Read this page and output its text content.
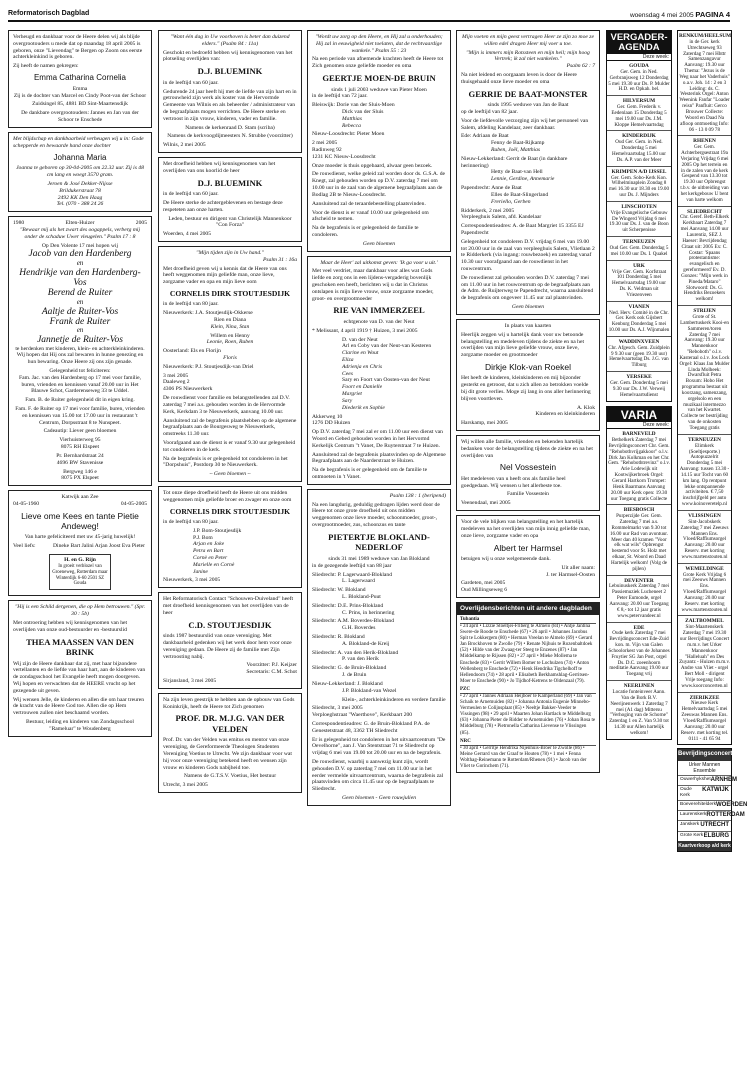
Reformatorisch Dagblad	woensdag 4 mei 2005 PAGINA 4
Verheugd en dankbaar voor de Heere delen wij als blijde overgrootouders u mede dat op maandag 18 april 2005 is geboren, onze "Lievendag" te Bergen op Zoom ons eerste achterkleinkind is geboren.
Zij heeft de namen gekregen:
Emma Catharina Cornelia
Emma
Zij is de dochter van Marcel en Cindy Poot-van der Schoor
Zuidsingel 85, 4881 BD Sint-Maartensdijk
De dankbare overgrootouders: Jannes en Jan van der Schoor te Enschede
Met blijdschap en dankbaarheid verheugen wij u in: Gode schepperde en bewaarde hand onze dochter
Johanna Maria
Joanna te geboren op 30-04-2005 om 22.32 uur. Zij is 48 cm lang en woegt 3570 gram.
Jeroen & José Dekker-Nijsse
Brildukerstraat 78
2492 KK Den Haag
Tel. (070 - 388 24 26
1980	Elten-Huizer	2005
"Bewaar mij als het zwart des oogappels, verberg mij onder de schaduw Uwer vleugelen." Psalm 17 : 8
Op Den Volente 17 mei hopen wij
Jacob van den Hardenberg
en
Hendrikje van den Hardenberg-Vos
Berend de Ruiter
en
Aaltje de Ruiter-Vos
Frank de Ruiter
en
Jannetje de Ruiter-Vos
te herdenken met kinderen, klein- en achterkleinkinderen. Wij hopen dat Hij ons zal bewaren in hunne genezing en hun bewaring. Onze Heere zij ons zijn genade.
Gelegenheid tot feliciteren:
Fam. Jac. van den Hardenberg op 17 mei voor familie, buren, vrienden en kennissen vanaf 20.00 uur in Het Blauwe Schot, Garderenseweg 33 te Uddel.
Fam. B. de Ruiter gelegenheid dit in eigen kring.
Fam. F. de Ruiter op 17 mei voor familie, buren, vrienden en kennissen van 15.00 tot 17.00 uur in restaurant 't Centrum, Dorpsstraat 8 te Nunspeet.
Cadeautip: Liever geen bloemen
Vierhuisterweg 95
8075 RH Elspeet
Pr. Bernhardstraat 24
4696 BW Stavenisse
Bergweg 146 e
8075 PX Elspeet
Katwijk aan Zee
04-05-1960	04-05-2005
Lieve ome Kees en tante Pietie Andeweg!
Van harte gefeliciteerd met uw 45-jarig huwelijk!
Veel liefs:	Dineke Bart Jalini Arjan Joost Eva Pieter
H. en G. Rijn
In groeit verblozel van Groeneweg, Rotterdam maar Winterdijk 6-60 2501 SZ Gouda
"Hij is een Schild dergenen, die op Hem betrouwen." (Spr. 30 : 5b)
Met ontroering hebben wij kennisgenomen van het overlijden van onze oud-bestuurder en -bestuurslid
THEA MAASSEN VAN DEN BRINK
Wij zijn de Heere dankbaar dat zij, met haar bijzondere vertellanten en de liefde van haar hart, aan de kinderen van de zondagsschool het Evangelie heeft mogen doorgeven. Wij hopen en verwachten dat de HEERE vrucht op het gezegende uit geven.
Wij wensen Jelle, de kinderen en allen die om haar treuren de kracht van de Heere God toe. Allen die op Hem vertrouwen zullen niet beschaamd worden.
Bestuur, leiding en kinderen van Zondagsschool "Rameluar" te Woudenberg
"Want één dag in Uw voorhoven is beter dan duizend elders." (Psalm 84 : 11a)
Geschokt en bedroefd hebben wij kennisgenomen van het plotseling overlijden van:
D.J. BLUEMINK
in de leeftijd van 60 jaar.
Gedurende 24 jaar heeft hij met de liefde van zijn hart en in getrouwheid zijn werk als koster van de Hervormde Gemeente van Wilnis en als beheerder / administrateur van de begraafplaats mogen verrichten. De Heere sterke en vertroost in zijn vrouw, kinderen, vader en familie.
Namens de kerkenraad D. Stam (scriba)
Namens de kerkvoogdijmeesters N. Strubbe (voorzitter)
Wilnis, 2 mei 2005
Met droefheid hebben wij kennisgenomen van het overlijden van ons koorlid de heer
D.J. BLUEMINK
in de leeftijd van 60 jaar.
De Heere sterke de achtergeblevenen en bestage deze respeteten aan onze harten.
Leden, bestuur en dirigent van Christelijk Mannenkoor "Con Forza"
Woerden, 4 mei 2005
"Mijn tijden zijn in Uw hand."
Psalm 31 : 16a
Met droefheid geven wij u kennis dat de Heere van ons heeft weggenomen mijn geliefde man, onze lieve, zorgzame vader en opa en mijn lieve oom
CORNELIS DIRK STOUTJESDIJK
in de leeftijd van 80 jaar.
Nieuwerkerk: J.A. Stoutjesdijk-Okkerse
Rien en Diana
Klein, Nina, Stan
Willem en Henny
Leonie, Roen, Ruben
Oosterland: Els en Florijn
Floris
Nieuwerkerk: P.J. Stoutjesdijk-van Driel
3 mei 2005
Daaleweg 2
4306 PS Nieuwerkerk
De rouwdienst voor familie en belangstellenden zal D.V. zaterdag 7 mei a.s. gehouden worden in de Hervormde Kerk, Kerkdam 3 te Nieuwerkerk, aanvang 10.00 uur.
Aansluitend zal de begrafenis plaatshebben op de algemene begraafplaats aan de Bourgesweg te Nieuwerkerk, omstreeks 11.30 uur.
Voorafgaand aan de dienst is er vanaf 9.30 uur gelegenheid tot condoleren in de kerk.
Na de begrafenis is er gelegenheid tot condoleren in het "Dorpshuis", Postdorp 30 te Nieuwerkerk.
~ Geen bloemen ~
Tot onze diepe droefheid heeft de Heere uit ons midden weggenomen mijn geliefde broer en zwager en onze oom
CORNELIS DIRK STOUTJESDIJK
in de leeftijd van 80 jaar.
J.P. Bom-Stoutjesdijk
P.J. Bom
Arjan en Joke
Petra en Bart
Cornè en Peter
Marielle en Cornè
Janine
Nieuwerkerk, 3 mei 2005
Het Reformatorisch Contact "Schouwen-Duiveland" heeft met droefheid kennisgenomen van het overlijden van de heer
C.D. STOUTJESDIJK
sinds 1987 bestuurslid van onze vereniging. Met dankbaarheid gedenken wij het werk door hem voor onze vereniging gedaan. De Heere zij de familie met Zijn vertroosting nabij.
Voorzitter: P.J. Keijzer
Secretaris: C.M. Schot
Sirjansland, 3 mei 2005
Na zijn leven geestrijk te hebben aan de opbouw van Gods Koninkrijk, heeft de Heere tot Zich genomen
PROF. DR. M.J.G. VAN DER VELDEN
Prof. Dr. van der Velden was emitus en mentor van onze vereniging, de Gereformeerde Theologen Studenten Vereniging Voetius te Utrecht. We zijn dankbaar voor wat hij voor onze vereniging betekend heeft en wensen zijn vrouw en kinderen Gods nabijheid toe.
Namens de G.T.S.V. Voetius, Het bestuur
Utrecht, 3 mei 2005
"Wordt uw zorg op den Heere, en Hij zal u onderhouden; Hij zal in eeuwigheid niet toelaten, dat de rechtvaardige wankele." Psalm 55 : 23
Na een periode van afnemende krachten heeft de Heere tot Zich genomen onze geliefde moeder en oma
GEERTJE MOEN-DE BRUIN
sinds 1 juli 2003 weduwe van Pieter Moen
in de leeftijd van 72 jaar.
Bleiswijk: Dorie van der Sluis-Moen
Dick van der Sluis
Matthias
Rebecca
Nieuw-Loosdrecht: Pieter Moen
2 mei 2005
Radinweg 92
1231 KC Nieuw-Loosdrecht
Onze moeder is thuis opgebaard, alwaar geen bezoek.
De rouwdienst, welke geleid zal worden door ds. G.S.A. de Knegt, zal gehouden worden op D.V. zaterdag 7 mei om 10.00 uur in de zaal van de algemene begraafplaats aan de Bodlag 2B te Nieuw-Loosdrecht.
Aansluitend zal de teraardebestelling plaatsvinden.
Voor de dienst is er vanaf 10.00 uur gelegenheid om afscheid te nemen.
Na de begrafenis is er gelegenheid de familie te condoleren.
Geen bloemen
Maar de Heer' zal uitkomst geven: 'Ik ga voor u uit.'
Met veel verdriet, maar dankbaar voor alles wat Gods liefde en zorg ons in een lijdens-vergaderig bovenlijk geschoken een heeft, berichten wij u dat in Christus ontslapen is mijn lieve vrouw, onze zorgzame moeder, groot- en overgrootmoeder
RIE VAN IMMERZEEL
echtgenote van D. van der Neut
* Melissant, 4 april 1919 † Huizen, 3 mei 2005
D. van der Neut
Arl en Coby van der Neut-van Kesteren
Clarine en Wout
Eliza
Adrienja en Chris
Cees
Sary en Foort van Oosten-van der Neut
Foort en Danielle
Margriet
Sary
Diederik en Sophie
Akkerweg 10
1276 DD Huizen
Op D.V. zaterdag 7 mei zal er om 11.00 uur een dienst van Woord en Gebed gehouden worden in het Hervormd Kerkelijk Centrum "t Vanet, De Ruyterstraat 7 te Huizen.
Aansluitend zal de begrafenis plaatsvinden op de Algemene Begraafplaats aan de Naarderstraat te Huizen.
Na de begrafenis is er gelegenheid om de familie te ontmoeten in 't Vanet.
Psalm 138 : 1 (beripend)
Na een langdurig, geduldig gedragen lijden werd door de Heere tot onze grote droefheid uit ons midden weggenomen onze lieve moeder, schoonmoeder, groot-, overgrootmoeder, zus, schoonzus en tante
PIETERTJE BLOKLAND-NEDERLOF
sinds 31 mei 1989 weduwe van Jan Blokland
in de gezegende leeftijd van 88 jaar
Sliedrecht: P. Lagerwaard-Blokland
L. Lagerwaard
Sliedrecht: W. Blokland
L. Blokland-Puut
Sliedrecht: D.E. Prins-Blokland
C. Prins, in herinnering
Sliedrecht: A.M. Boverdes-Blokland
G.H. Boverdes
Sliedrecht: R. Blokland
A. Blokland-de Kreij
Sliedrecht: A. van den Herik-Blokland
P. van den Herik
Sliedrecht: G. de Bruin-Blokland
J. de Bruin
Nieuw-Lekkerland: J. Blokland
J.P. Blokland-van Wezel
Klein-, achterkleinkinderen en verdere familie
Sliedrecht, 3 mei 2005
Verploeghstraat "Waerthove", Kerkbaart 200
Correspondentieadres: G. de Bruin-Blokland P.A. de Genestetstraat 48, 3362 TH Sliedrecht
Er is gelegenheid tot condoleren in het uitvaartcentrum "De Oevelhorne", aan J. Van Stentstraat 71 te Sliedrecht op vrijdag 6 mei van 19.00 tot 20.00 uur en na de begrafenis.
De rouwdienst, waarbij u aanwezig kunt zijn, wordt gehouden D.V. op zaterdag 7 mei om 11.00 uur in het eerder vermelde uitvaartcentrum, waarna de begrafenis zal plaatsvinden om circa 11.45 uur op de begraafplaats te Sliedrecht.
Geen bloemen - Geen rouwjulien
Mijn voeten en mijn geest vertragen Heer ze zijn zo moe ze willen edel dragen Heer mij voer u toe.
"Mijn is immers mijn Rotssteen en mijn heil; mijn hoog Vertrek; ik zal niet wankelen."
Psalm 62 : 7
Na niet leidend en oorgaaam leven is door de Heere thuisgehaald onze lieve moeder en oma
GERRIE DE BAAT-MONSTER
sinds 1995 weduwe van Jan de Baat
op de leeftijd van 82 jaar.
Voor de liefdevolle verzorging zijn wij het personeel van Salem, afdeling Kandelaar, zeer dankbaar.
Ede: Adriaan de Baat
Fenny de Baat-Rijkamp
Ruben, Joël, Matthias
Nieuw-Lekkerland: Gerrit de Baat (in dankbare herinnering)
Hetty de Baat-van Hell
Lennie, Gerdine, Annemarie
Papendrecht: Anne de Baat
Elles de Baat-Slingerland
Freriello, Gerben
Ridderkerk, 2 mei 2005
Verpleeghuis Salem, afd. Kandelaar
Correspondentieadres: A. de Baat Margriet 15 3355 EJ Papendrecht
Gelegenheid tot condoleren D.V. vrijdag 6 mei van 19.00 tot 20.00 uur in de zaal van verpleeghuis Salem, Vlietlaan 2 te Ridderkerk (via ingang: rouwbezoek) en zaterdag vanaf 10.30 uur voorafgaand aan de rouwdienst in het rouwcentrum.
De rouwdienst zal gehouden worden D.V. zaterdag 7 mei om 11.00 uur in het rouwcentrum op de begraafplaats aan de Adm. de Ruijterweg te Papendrecht, waarna aansluitend de begrafenis om ongeveer 11.45 uur zal plaatsvinden.
Geen bloemen
In plaats van kaarten
Heerlijk zeggen wij u hartelijk dank voor uw betoonde belangstelling en medeleven tijdens de ziekte en na het overlijden van mijn lieve geliefde vrouw, onze lieve, zorgzame moeder en grootmoeder
Dirkje Klok-van Roekel
Het heeft de kinderen, kleinkinderen en mij bijzonder gesterkt en getroost, dat u zich allen zo betrokken voelde bij dit grote verlies. Moge zij lang in ons aller herinnering blijven voortleven.
A. Klok
Kinderen en kleinkinderen
Harskamp, mei 2005
Wij willen alle familie, vrienden en bekenden hartelijk bedanken voor de belangstelling tijdens de ziekte en na het overlijden van
Nel Vossestein
Het medeleven van u heeft ons als familie heel goedgedaan. Wij wensen u het allerbeste toe.
Familie Vossestein
Veenendaal, mei 2005
Voor de vele blijken van belangstelling en het hartelijk medeleven na het overlijden van mijn innig geliefde man, onze lieve, zorgzame vader en opa
Albert ter Harmsel
betuigen wij u onze welgemeende dank.
Uit aller naam:
J. ter Harmsel-Oosten
Gardeten, mei 2005
Oud Millingseweg 6
Overlijdensberichten uit andere dagbladen
Tubantia
• 24 april • Lizzie Stoeltjei-Friberg te Almelo (84) • Antje Jantina Swere-de Roode te Enschede (67) • 26 april • Johannes Jacobus Spit te Lokkergem (80) • Herman Vreelan te Almelo (69) • Gerard Jan Brockhoven te Zwolle (79) • Renate Nijhuis te Rozenbaltdoek (52) • Hilde van der Zwaag-ter Steeg te Enzenes (87) • Jan Middelkamp te Rijssen (82) • 27 april • Mieke Mollema te Enschede (83) • Gerrit Willem Bomer te Lochulzen (74) • Anton Wellenberg te Enschede (72) • Henk Hendrika Tigchelhoff te Hellendoorn (74) • 28 april • Elisabeth Berkhamshlag-Gerritsen-Moer te Enschede (90) • Jo Tijdhof-Ketrens te Oldenzaal (79).
PZC
• 27 april • Jannes Adriaan Heijboer te Kamperland (69) • Jan van Schaik te Arnemuiden (82) • Johanna Antonia Eugenie Minnebo-Vermeulen te Colijnsplaat (85) • Neeltje Bakker-Veeder te Vissingen (98) • 29 april • Maarten Johan Hartlack te Middelburg (63) • Johanna Pieter de Ridder te Arnemuiden (76) • Johan Rosa te Middelburg (78) • Pietronella Catharina Lievense te Vlissingen (85).
NRC
• 30 april • Gerritje Hendrika Nijenhuis-Broer te Zwolle (86) • Meine Gerrard van der Graaf te Houten (78) • 1 mei • Fenna Wolthag-Reinemann te Rotterdam/Rhenen (91) • Jacob van der Vliet te Gorinchem (71).
VERGADER-
AGENDA
Deze week:
GOUDA
Ger. Gem. in Ned. Gerbranjsweg 12 Donderdag 5 mei 19.30 uur Ds. P. Mulder H.D. en Opkah. bel.
HILVERSUM
Ger. Gem. Frederik v. Eedenlaan 15 Donderdag 5 mei 19.00 uur Ds. J.M. Kloppe Hemelvaartsdag
KINDERDIJK
Oud Ger. Gem. in Ned. Donderdag 5 mei Hemelvaartsdag 15.00 uur Ds. A.P. van der Meer
KRIMPEN A/D IJSSEL
Ger. Gem. Sobo-Kerk Kon. Wilhelminaplein Zondag 8 mei 16.30 uur 18.30 en 19.00 uur Ds. J. Mijnders
LINSCHOTEN
Vrije Evangelische Gebouw De Wingerd Vrijdag 6 mei 19.30 uur Ds. J. van de Boon uit Scherpenisse
TERNEUZEN
Oud Ger. Gem. Donderdag 5 mei 10.00 uur Ds. I. Quakel
URK
Vrije Ger. Gem. Korfstraat 101 Donderdag 5 mei Hemelvaartsdag 19.00 uur Ds. K. Veldman uit Vriezenveen
VIANEN
Ned. Herv. Comité in de Chr. Ger. Kerk ook Gijsbert Kenburg Donderdag 5 mei 10.00 uur Ds. A.J. Wijnmalen
WADDINXVEEN
Chr. Afgesch. Gem. Zuidplein 9 9.30 uur (geen 19.30 uur) Hemelvaartsdag Ds. J.G. van Tilburg
YERSEKE
Ger. Gem. Donderdag 5 mei 9.30 uur Ds. J.W. Verweij Hemelvaartsdienst
VARIA
Deze week:
BARNEVELD
Bethelkerk Zaterdag 7 mei Bevrijdingsconcert Chr. Gem. "Rehobothvrijgakkoor" o.l.v. Dirk Jan Kolkman en het Chr. Gem. "Rehobothtrevinz" o.l.v. Arie Lodewijk uit Kootwijkerbroek Orgel: Gerard Hartkorn Trompet: Henk Baarmans Aanvang 20.00 uur Kerk open: 19.30 uur Toegang gratis Collecte
BIESBOSCH
Purperzijde Ger. Gem. Zaterdag 7 mei a.s. Rommelmarkt van 9.30 tot 16.00 uur Rad van avontuur. Meer dan 40 kramen "Voor elk wat wils" Opbrengst bestemd voor St. Holz met elkaar, St. Woord en Daad Hartelijk welkom! (Volg de pijlen)
DEVENTER
Lebuinuskerk Zaterdag 7 mei Passiemuziek Lucheneet 2 Peter Eumonde, orgel Aanvang: 20.00 uur Toegang € 8,- tot 12 jaar gratis www.petervandeer.nl
EDE
Oude kerk Zaterdag 7 mei Bevrijdingsconcert Ede-Zuid kon. m. Vijn van Galen Schoolorkest van de Johannes Fruytier SG Jan Post, orgel Ds. D.C. zoeenhoorn meditatie Aanvang 19.00 uur Toegang vrij
NEERIJNEN
Locatie fonteinveer Aann. Van de Bork B.V. Neerijnenwerk 1 Zaterdag 7 mei (A1 dag) Mittersu "Verhoging van de Schorne" Zaterdag 1 en Z. Van 9.30 tot 14.30 uur Allen hartelijk welkom!
RENKUM/HEELSUM
in de Ger. kerk Utrechtseweg 93 Zaterdag 7 mei Hhttr Samenzangavur Aanvang: 19.30 uur Thema: "Jezus is de Weg naar het Vaderhuis" o.a.v. Joh. 14 : 2 en 3 Leiding: ds. C. Westerink Orgel: Anton Weenink Fanfar "Loader reisn" Panfluit: Gerco Brouwer Collecte: Woord en Daad Na afloop ontmoeting Info: 06 - 13 0 09 78
RHENEN
Ger. Gem. Achterbergsestraat 19a Verjaring Vrijdag 6 mei 2005 Op het terrein en in de zalen van de kerk Gespend van 13.30 tot 19.30 uur Opbrengst t.b.v. de uitbreiding van het kerkgebouw U bent van harte welkom
SLIEDRECHT
Chr. Geref. Beth-Elkerk Kerkbaart Zaterdag 7 mei Aanvang 14.00 uur Laurentiz, SEZ J. Haeser: Bevrijdendag Citaat uit: 2005 Ex: C. Costar: 'Spaans protestantisme: evangelisch en gereformeerd' Ev. D. Gonzes: "Mijn werk in Pineda/Mataro" Slotwoord: Ds. G. Hendriks Bezoekers welkom!
STRIJEN
Grote of St. Lambertuskerk Kooi-en Sammeren/toren Zaterdag 7 mei Aanvang: 19.30 uur Mannenkoor "Reboboth" o.l.v. Kasteraal o.l.v. Jos Lock Orgel: Klaas Jan Mulder Linda Molheek: Dwarsfluit Petra Boxum: Hobo Het programma bestaat uit koorzang, samenzang, orgelsolo en een muzikaal intermezzo van het Kwartet. Collecte ter bestrijding van de onkosten Toegang gratis
TERNEUZEN
Elimkerk (Soeltjesporte.) Autopuzzelrit Donderdag 5 mei Aanvang: tussen 13.30 - 14.15 uur Tocht van 60 km lang. Op rentpunt lekke ontspannende activiteiten. € 7,50 inschrijfgeld per auto www.koinoveretelp.nl
VLISSINGEN
Sint-Jacobskerk Zaterdag 7 mei Zeeuws Mannen Ens. Vloed/Raffiumsorgel Aanvang: 20.00 uur Reserv. met korting www.martenstouten.nl
WEMELDINGE
Grote Kerk Vrijdag 6 mei Zeeuws Mannen Ens. Vloed/Raffiumsorgel Aanvang: 20.00 uur Reserv. met korting www.martenstouten.nl
ZALTBOMMEL
Sint-Maartenskerk Zaterdag 7 mei 19.30 uur Bevrijdings Concert m.m.v. het Urker Mannenkoor "Halleluah" en Des Zuyantz - Huizen m.m.v. Andre van Vliet - orgel Bert Moll - dirigent Vrije toegang Info: www.koorconcerten.nl
ZIERIKZEE
Nieuwe Kerk Hemelvaartsdag 5 mei Zeeuwas Mannen Ens. Vloed/Raffiumsorgel Aanvang: 20.00 uur Reserv. met korting tel. 0111 - 41 65 94
Bevrijdingsconcert
Urker Mannen Ensemble
Ouwerhykshet ARNHEM
Oude Kerk
KATWIJK
Boeverehitelderk WOERDEN
Laurenskerk ROTTERDAM
Janskerk UTRECHT
Grote Kerk ELBURG
Kaartverkoop a/d kerk
